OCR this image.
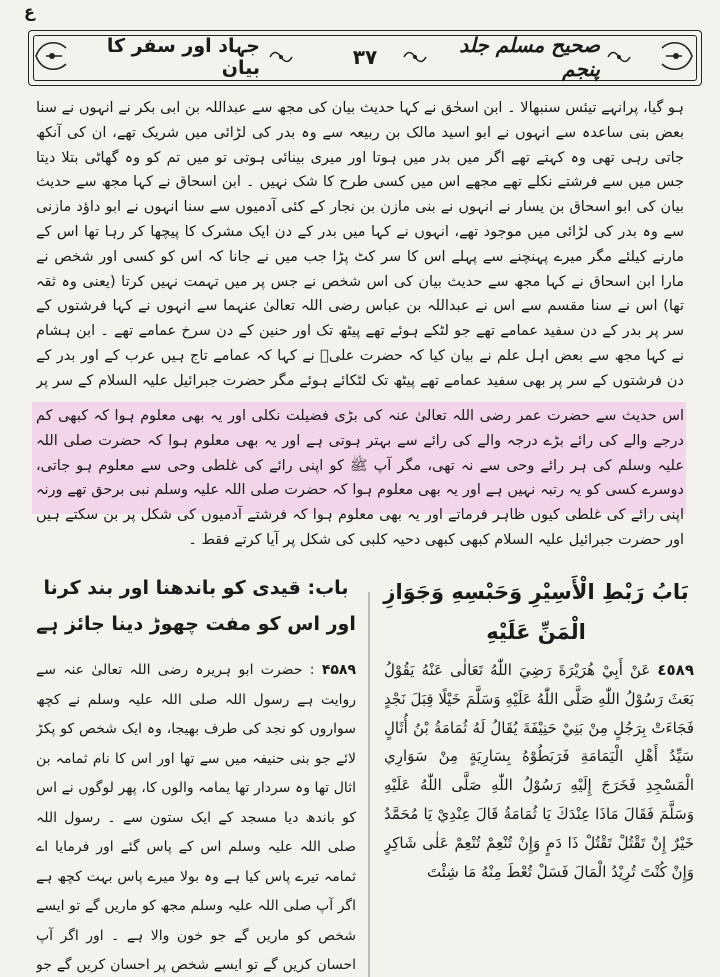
ع
جہاد اور سفر کا بیان	۳۷	صحیح مسلم جلد پنجم
ہو گیا، پرانہے تیئس سنبھالا ۔ ابن اسحٰق نے کہا حدیث بیان کی مجھ سے عبداللہ بن ابی بکر نے انہوں نے سنا بعض بنی ساعدہ سے انہوں نے ابو اسید مالک بن ربیعہ سے وہ بدر کی لڑائی میں شریک تھے، ان کی آنکھ جاتی رہی تھی وہ کہتے تھے اگر میں بدر میں ہوتا اور میری بینائی ہوتی تو میں تم کو وہ گھاٹی بتلا دیتا جس میں سے فرشتے نکلے تھے مجھے اس میں کسی طرح کا شک نہیں ۔ ابن اسحاق نے کہا مجھ سے حدیث بیان کی ابو اسحاق بن یسار نے انہوں نے بنی مازن بن نجار کے کئی آدمیوں سے سنا انہوں نے ابو داؤد مازنی سے وہ بدر کی لڑائی میں موجود تھے، انہوں نے کہا میں بدر کے دن ایک مشرک کا پیچھا کر رہا تھا اس کے مارنے کیلئے مگر میرے پہنچنے سے پہلے اس کا سر کٹ پڑا جب میں نے جانا کہ اس کو کسی اور شخص نے مارا ابن اسحاق نے کہا مجھ سے حدیث بیان کی اس شخص نے جس پر میں تہمت نہیں کرتا (یعنی وہ ثقہ تھا) اس نے سنا مقسم سے اس نے عبداللہ بن عباس رضی اللہ تعالیٰ عنہما سے انہوں نے کہا فرشتوں کے سر پر بدر کے دن سفید عمامے تھے جو لٹکے ہوئے تھے پیٹھ تک اور حنین کے دن سرخ عمامے تھے ۔ ابن ہشام نے کہا مجھ سے بعض اہل علم نے بیان کیا کہ حضرت علیؓ نے کہا کہ عمامے تاج ہیں عرب کے اور بدر کے دن فرشتوں کے سر پر بھی سفید عمامے تھے پیٹھ تک لٹکائے ہوئے مگر حضرت جبرائیل علیہ السلام کے سر پر
اس حدیث سے حضرت عمر رضی اللہ تعالیٰ عنہ کی بڑی فضیلت نکلی اور یہ بھی معلوم ہوا کہ کبھی کم درجے والے کی رائے بڑے درجہ والے کی رائے سے بہتر ہوتی ہے اور یہ بھی معلوم ہوا کہ حضرت صلی اللہ علیہ وسلم کی ہر رائے وحی سے نہ تھی، مگر آپ ﷺ کو اپنی رائے کی غلطی وحی سے معلوم ہو جاتی، دوسرے کسی کو یہ رتبہ نہیں ہے اور یہ بھی معلوم ہوا کہ حضرت صلی اللہ علیہ وسلم نبی برحق تھے ورنہ اپنی رائے کی غلطی کیوں ظاہر فرماتے اور یہ بھی معلوم ہوا کہ فرشتے آدمیوں کی شکل پر بن سکتے ہیں اور حضرت جبرائیل علیہ السلام کبھی کبھی دحیہ کلبی کی شکل پر آیا کرتے فقط ۔
بَابُ رَبْطِ الْأَسِيْرِ وَحَبْسِهِ وَجَوَازِ الْمَنِّ عَلَيْهِ
باب: قیدی کو باندھنا اور بند کرنا اور اس کو مفت چھوڑ دینا جائز ہے
٤٥٨٩ عَنْ أَبِيْ هُرَيْرَةَ رَضِيَ اللّٰهُ تَعَالٰى عَنْهُ يَقُوْلُ بَعَثَ رَسُوْلُ اللّٰهِ صَلَّى اللّٰهُ عَلَيْهِ وَسَلَّمَ خَيْلًا قِبَلَ نَجْدٍ فَجَاءَتْ بِرَجُلٍ مِنْ بَنِيْ حَنِيْفَةَ يُقَالُ لَهُ ثُمَامَةُ بْنُ أُثَالٍ سَيِّدُ أَهْلِ الْيَمَامَةِ فَرَبَطُوْهُ بِسَارِيَةٍ مِنْ سَوَارِي الْمَسْجِدِ فَخَرَجَ إِلَيْهِ رَسُوْلُ اللّٰهِ صَلَّى اللّٰهُ عَلَيْهِ وَسَلَّمَ فَقَالَ مَاذَا عِنْدَكَ يَا ثُمَامَةُ قَالَ عِنْدِيْ يَا مُحَمَّدُ خَيْرٌ إِنْ تَقْتُلْ تَقْتُلْ ذَا دَمٍ وَإِنْ تُنْعِمْ تُنْعِمْ عَلٰى شَاكِرٍ وَإِنْ كُنْتَ تُرِيْدُ الْمَالَ فَسَلْ تُعْطَ مِنْهُ مَا شِئْتَ
۴۵۸۹ : حضرت ابو ہریرہ رضی اللہ تعالیٰ عنہ سے روایت ہے رسول اللہ صلی اللہ علیہ وسلم نے کچھ سواروں کو نجد کی طرف بھیجا، وہ ایک شخص کو پکڑ لائے جو بنی حنیفہ میں سے تھا اور اس کا نام ثمامہ بن اثال تھا وہ سردار تھا یمامہ والوں کا، پھر لوگوں نے اس کو باندھ دیا مسجد کے ایک ستون سے ۔ رسول اللہ صلی اللہ علیہ وسلم اس کے پاس گئے اور فرمایا اے ثمامہ تیرے پاس کیا ہے وہ بولا میرے پاس بہت کچھ ہے اگر آپ صلی اللہ علیہ وسلم مجھ کو ماریں گے تو ایسے شخص کو ماریں گے جو خون والا ہے ۔ اور اگر آپ احسان کریں گے تو ایسے شخص پر احسان کریں گے جو
